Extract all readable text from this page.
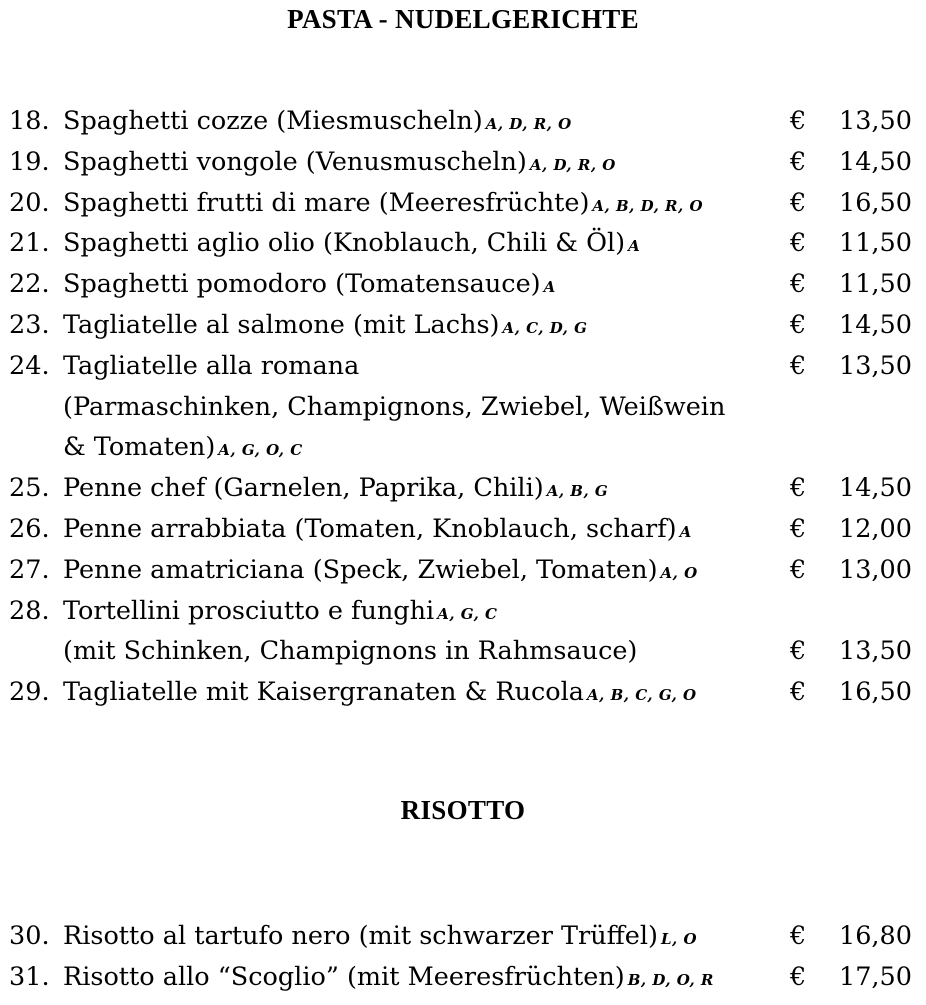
PASTA - NUDELGERICHTE
18. Spaghetti cozze (Miesmuscheln) A, D, R, O	€ 13,50
19. Spaghetti vongole (Venusmuscheln) A, D, R, O	€ 14,50
20. Spaghetti frutti di mare (Meeresfrüchte) A, B, D, R, O	€ 16,50
21. Spaghetti aglio olio (Knoblauch, Chili & Öl) A	€ 11,50
22. Spaghetti pomodoro (Tomatensauce) A	€ 11,50
23. Tagliatelle al salmone (mit Lachs) A, C, D, G	€ 14,50
24. Tagliatelle alla romana	€ 13,50
(Parmaschinken, Champignons, Zwiebel, Weißwein
& Tomaten) A, G, O, C
25. Penne chef (Garnelen, Paprika, Chili) A, B, G	€ 14,50
26. Penne arrabbiata (Tomaten, Knoblauch, scharf) A	€ 12,00
27. Penne amatriciana (Speck, Zwiebel, Tomaten) A, O	€ 13,00
28. Tortellini prosciutto e funghi A, G, C
(mit Schinken, Champignons in Rahmsauce)	€ 13,50
29. Tagliatelle mit Kaisergranaten & Rucola A, B, C, G, O	€ 16,50
RISOTTO
30. Risotto al tartufo nero (mit schwarzer Trüffel) L, O	€ 16,80
31. Risotto allo “Scoglio” (mit Meeresfrüchten) B, D, O, R	€ 17,50
